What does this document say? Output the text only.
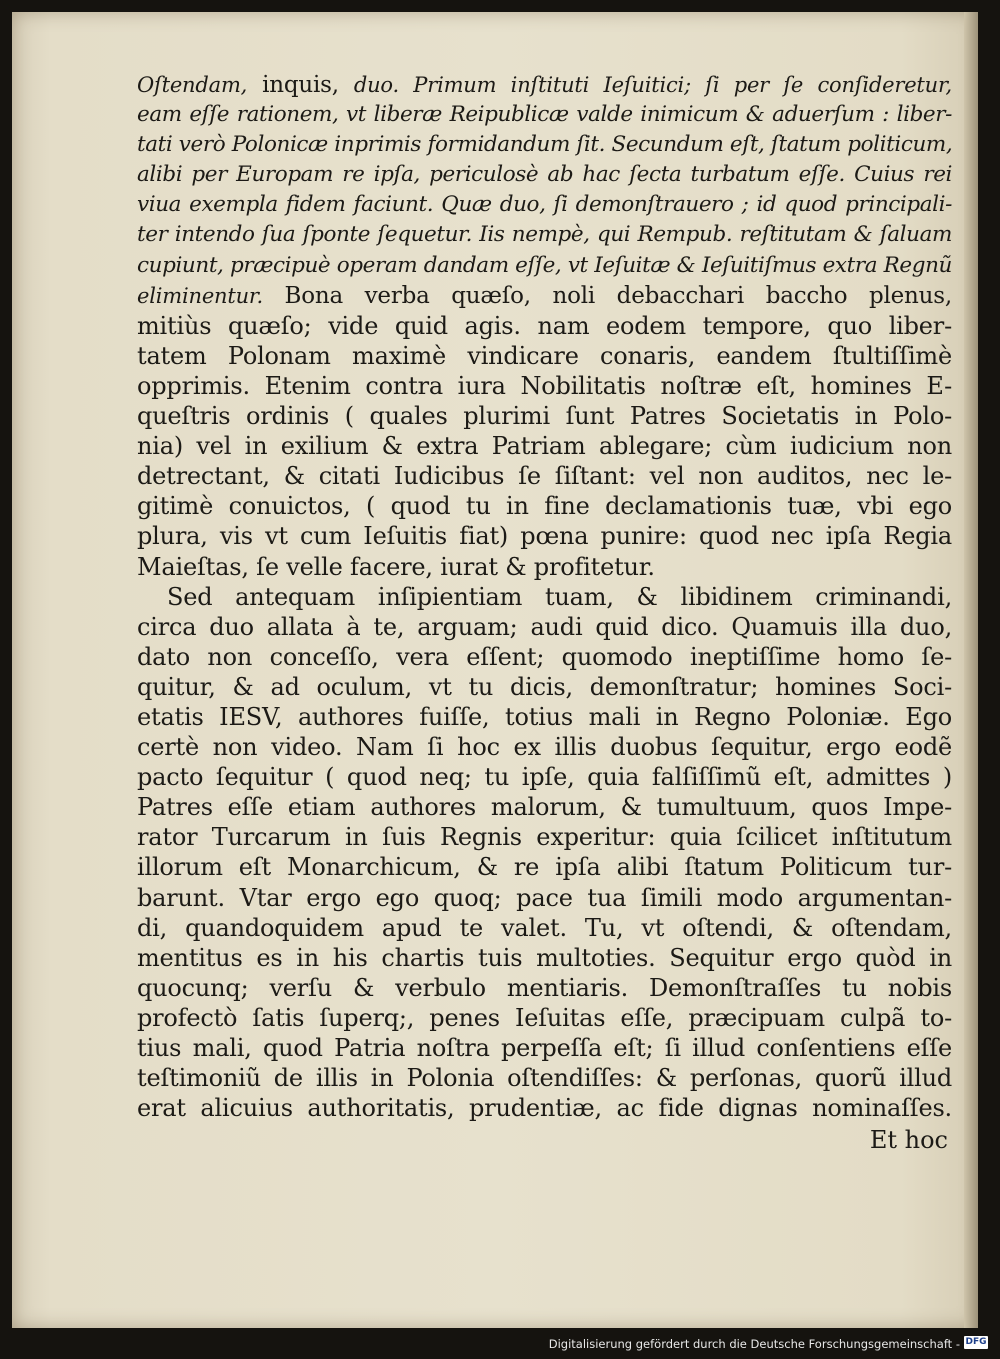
Oſtendam, inquis, duo. Primum inſtituti Ieſuitici; ſi per ſe conſideretur,
eam eſſe rationem, vt liberæ Reipublicæ valde inimicum & aduerſum : liber-
tati verò Polonicæ inprimis formidandum ſit. Secundum eſt, ſtatum politicum,
alibi per Europam re ipſa, periculosè ab hac ſecta turbatum eſſe. Cuius rei
viua exempla fidem faciunt. Quæ duo, ſi demonſtrauero ; id quod principali-
ter intendo ſua ſponte ſequetur. Iis nempè, qui Rempub. reſtitutam & ſaluam
cupiunt, præcipuè operam dandam eſſe, vt Ieſuitæ & Ieſuitiſmus extra Regnũ
eliminentur. Bona verba quæſo, noli debacchari baccho plenus,
mitiùs quæſo; vide quid agis. nam eodem tempore, quo liber-
tatem Polonam maximè vindicare conaris, eandem ſtultiſſimè
opprimis. Etenim contra iura Nobilitatis noſtræ eſt, homines E-
queſtris ordinis ( quales plurimi ſunt Patres Societatis in Polo-
nia) vel in exilium & extra Patriam ablegare; cùm iudicium non
detrectant, & citati Iudicibus ſe ſiſtant: vel non auditos, nec le-
gitimè conuictos, ( quod tu in fine declamationis tuæ, vbi ego
plura, vis vt cum Ieſuitis fiat) pœna punire: quod nec ipſa Regia
Maieſtas, ſe velle facere, iurat & profitetur.
Sed antequam inſipientiam tuam, & libidinem criminandi,
circa duo allata à te, arguam; audi quid dico. Quamuis illa duo,
dato non conceſſo, vera eſſent; quomodo ineptiſſime homo ſe-
quitur, & ad oculum, vt tu dicis, demonſtratur; homines Soci-
etatis IESV, authores fuiſſe, totius mali in Regno Poloniæ. Ego
certè non video. Nam ſi hoc ex illis duobus ſequitur, ergo eodẽ
pacto ſequitur ( quod neq; tu ipſe, quia falſiſſimũ eſt, admittes )
Patres eſſe etiam authores malorum, & tumultuum, quos Impe-
rator Turcarum in ſuis Regnis experitur: quia ſcilicet inſtitutum
illorum eſt Monarchicum, & re ipſa alibi ſtatum Politicum tur-
barunt. Vtar ergo ego quoq; pace tua ſimili modo argumentan-
di, quandoquidem apud te valet. Tu, vt oſtendi, & oſtendam,
mentitus es in his chartis tuis multoties. Sequitur ergo quòd in
quocunq; verſu & verbulo mentiaris. Demonſtraſſes tu nobis
profectò ſatis ſuperq;, penes Ieſuitas eſſe, præcipuam culpã to-
tius mali, quod Patria noſtra perpeſſa eſt; ſi illud conſentiens eſſe
teſtimoniũ de illis in Polonia oſtendiſſes: & perſonas, quorũ illud
erat alicuius authoritatis, prudentiæ, ac fide dignas nominaſſes.
Et hoc
Digitalisierung gefördert durch die Deutsche Forschungsgemeinschaft - DFG
